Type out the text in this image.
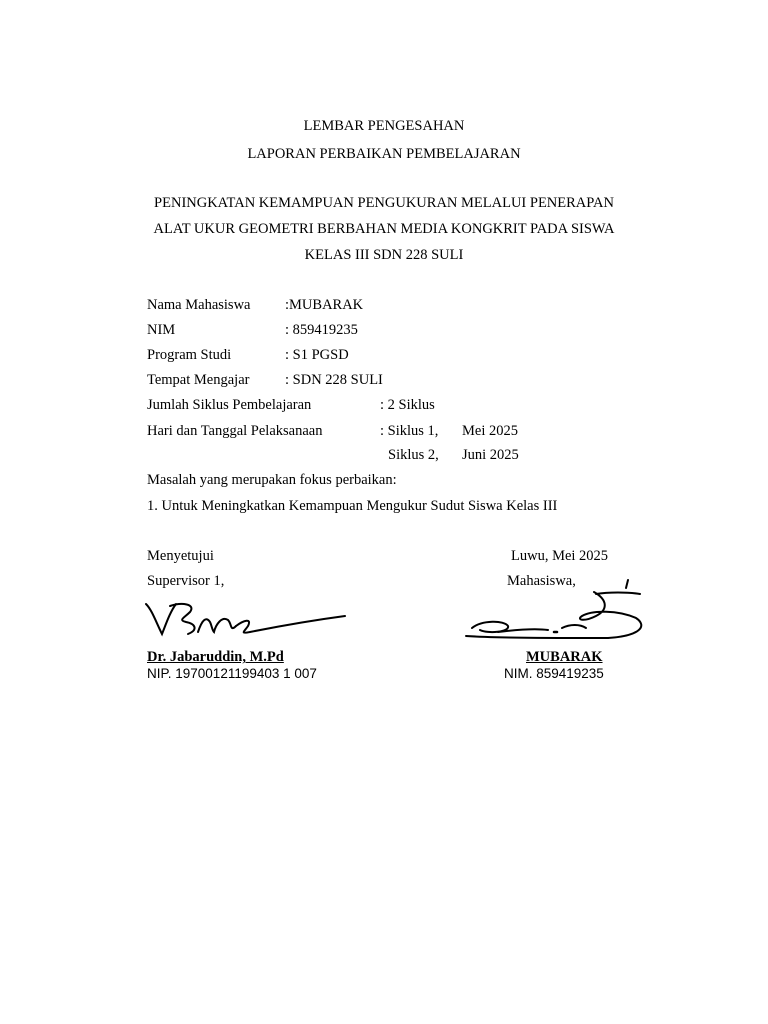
LEMBAR PENGESAHAN
LAPORAN PERBAIKAN PEMBELAJARAN
PENINGKATAN KEMAMPUAN PENGUKURAN MELALUI PENERAPAN
ALAT UKUR GEOMETRI BERBAHAN MEDIA KONGKRIT PADA SISWA
KELAS III SDN 228 SULI
Nama Mahasiswa :MUBARAK
NIM	: 859419235
Program Studi	: S1 PGSD
Tempat Mengajar : SDN 228 SULI
Jumlah Siklus Pembelajaran	: 2 Siklus
Hari dan Tanggal Pelaksanaan	: Siklus 1, Mei 2025
Siklus 2, Juni 2025
Masalah yang merupakan fokus perbaikan:
1. Untuk Meningkatkan Kemampuan Mengukur Sudut Siswa Kelas III
Menyetujui
Supervisor 1,
Dr. Jabaruddin, M.Pd
NIP. 19700121199403 1 007
Luwu, Mei 2025
Mahasiswa,
MUBARAK
NIM. 859419235
